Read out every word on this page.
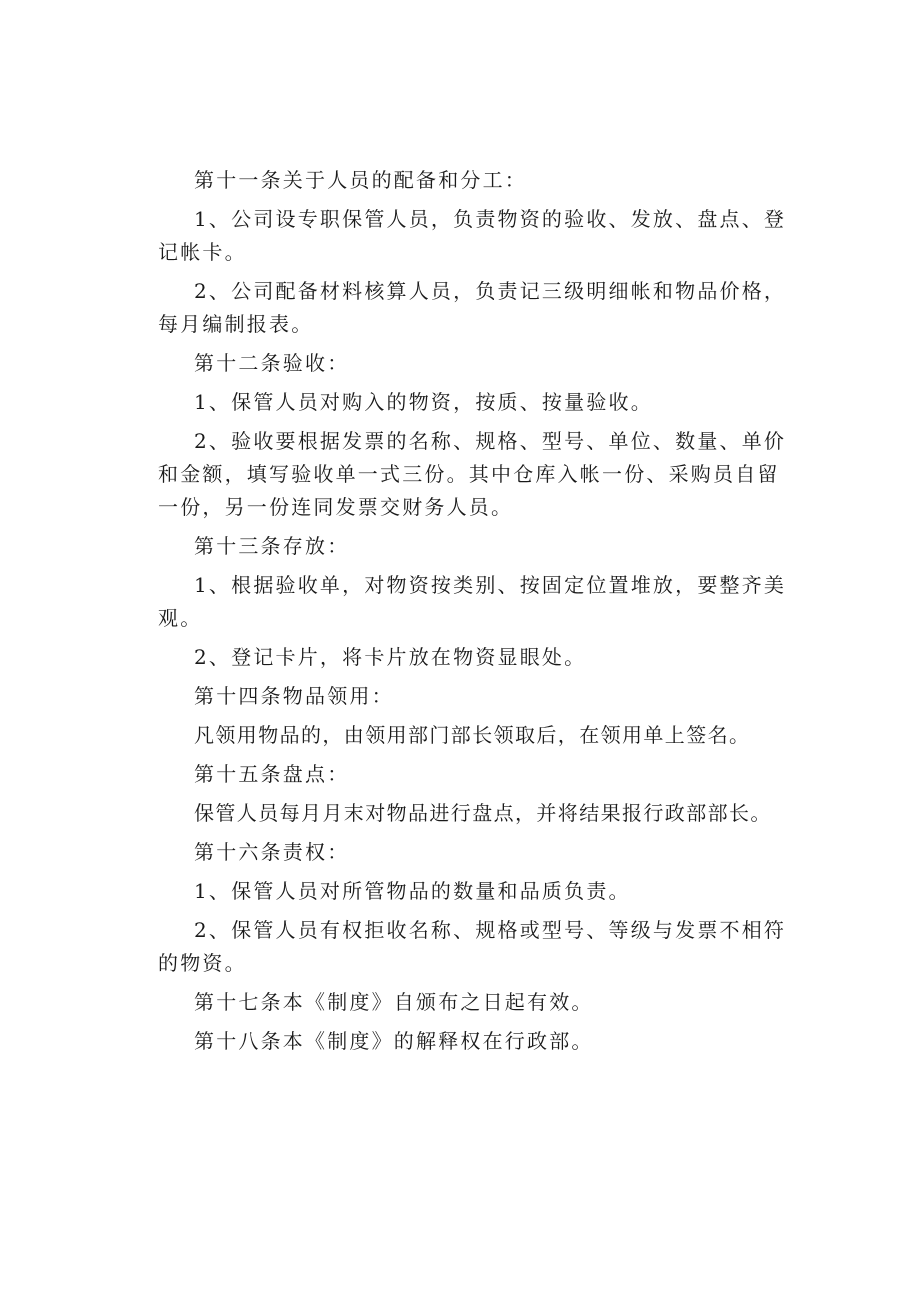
第十一条关于人员的配备和分工：

1、公司设专职保管人员，负责物资的验收、发放、盘点、登记帐卡。

2、公司配备材料核算人员，负责记三级明细帐和物品价格，每月编制报表。

第十二条验收：

1、保管人员对购入的物资，按质、按量验收。

2、验收要根据发票的名称、规格、型号、单位、数量、单价和金额，填写验收单一式三份。其中仓库入帐一份、采购员自留一份，另一份连同发票交财务人员。

第十三条存放：

1、根据验收单，对物资按类别、按固定位置堆放，要整齐美观。

2、登记卡片，将卡片放在物资显眼处。

第十四条物品领用：

凡领用物品的，由领用部门部长领取后，在领用单上签名。

第十五条盘点：

保管人员每月月末对物品进行盘点，并将结果报行政部部长。

第十六条责权：

1、保管人员对所管物品的数量和品质负责。

2、保管人员有权拒收名称、规格或型号、等级与发票不相符的物资。

第十七条本《制度》自颁布之日起有效。

第十八条本《制度》的解释权在行政部。
